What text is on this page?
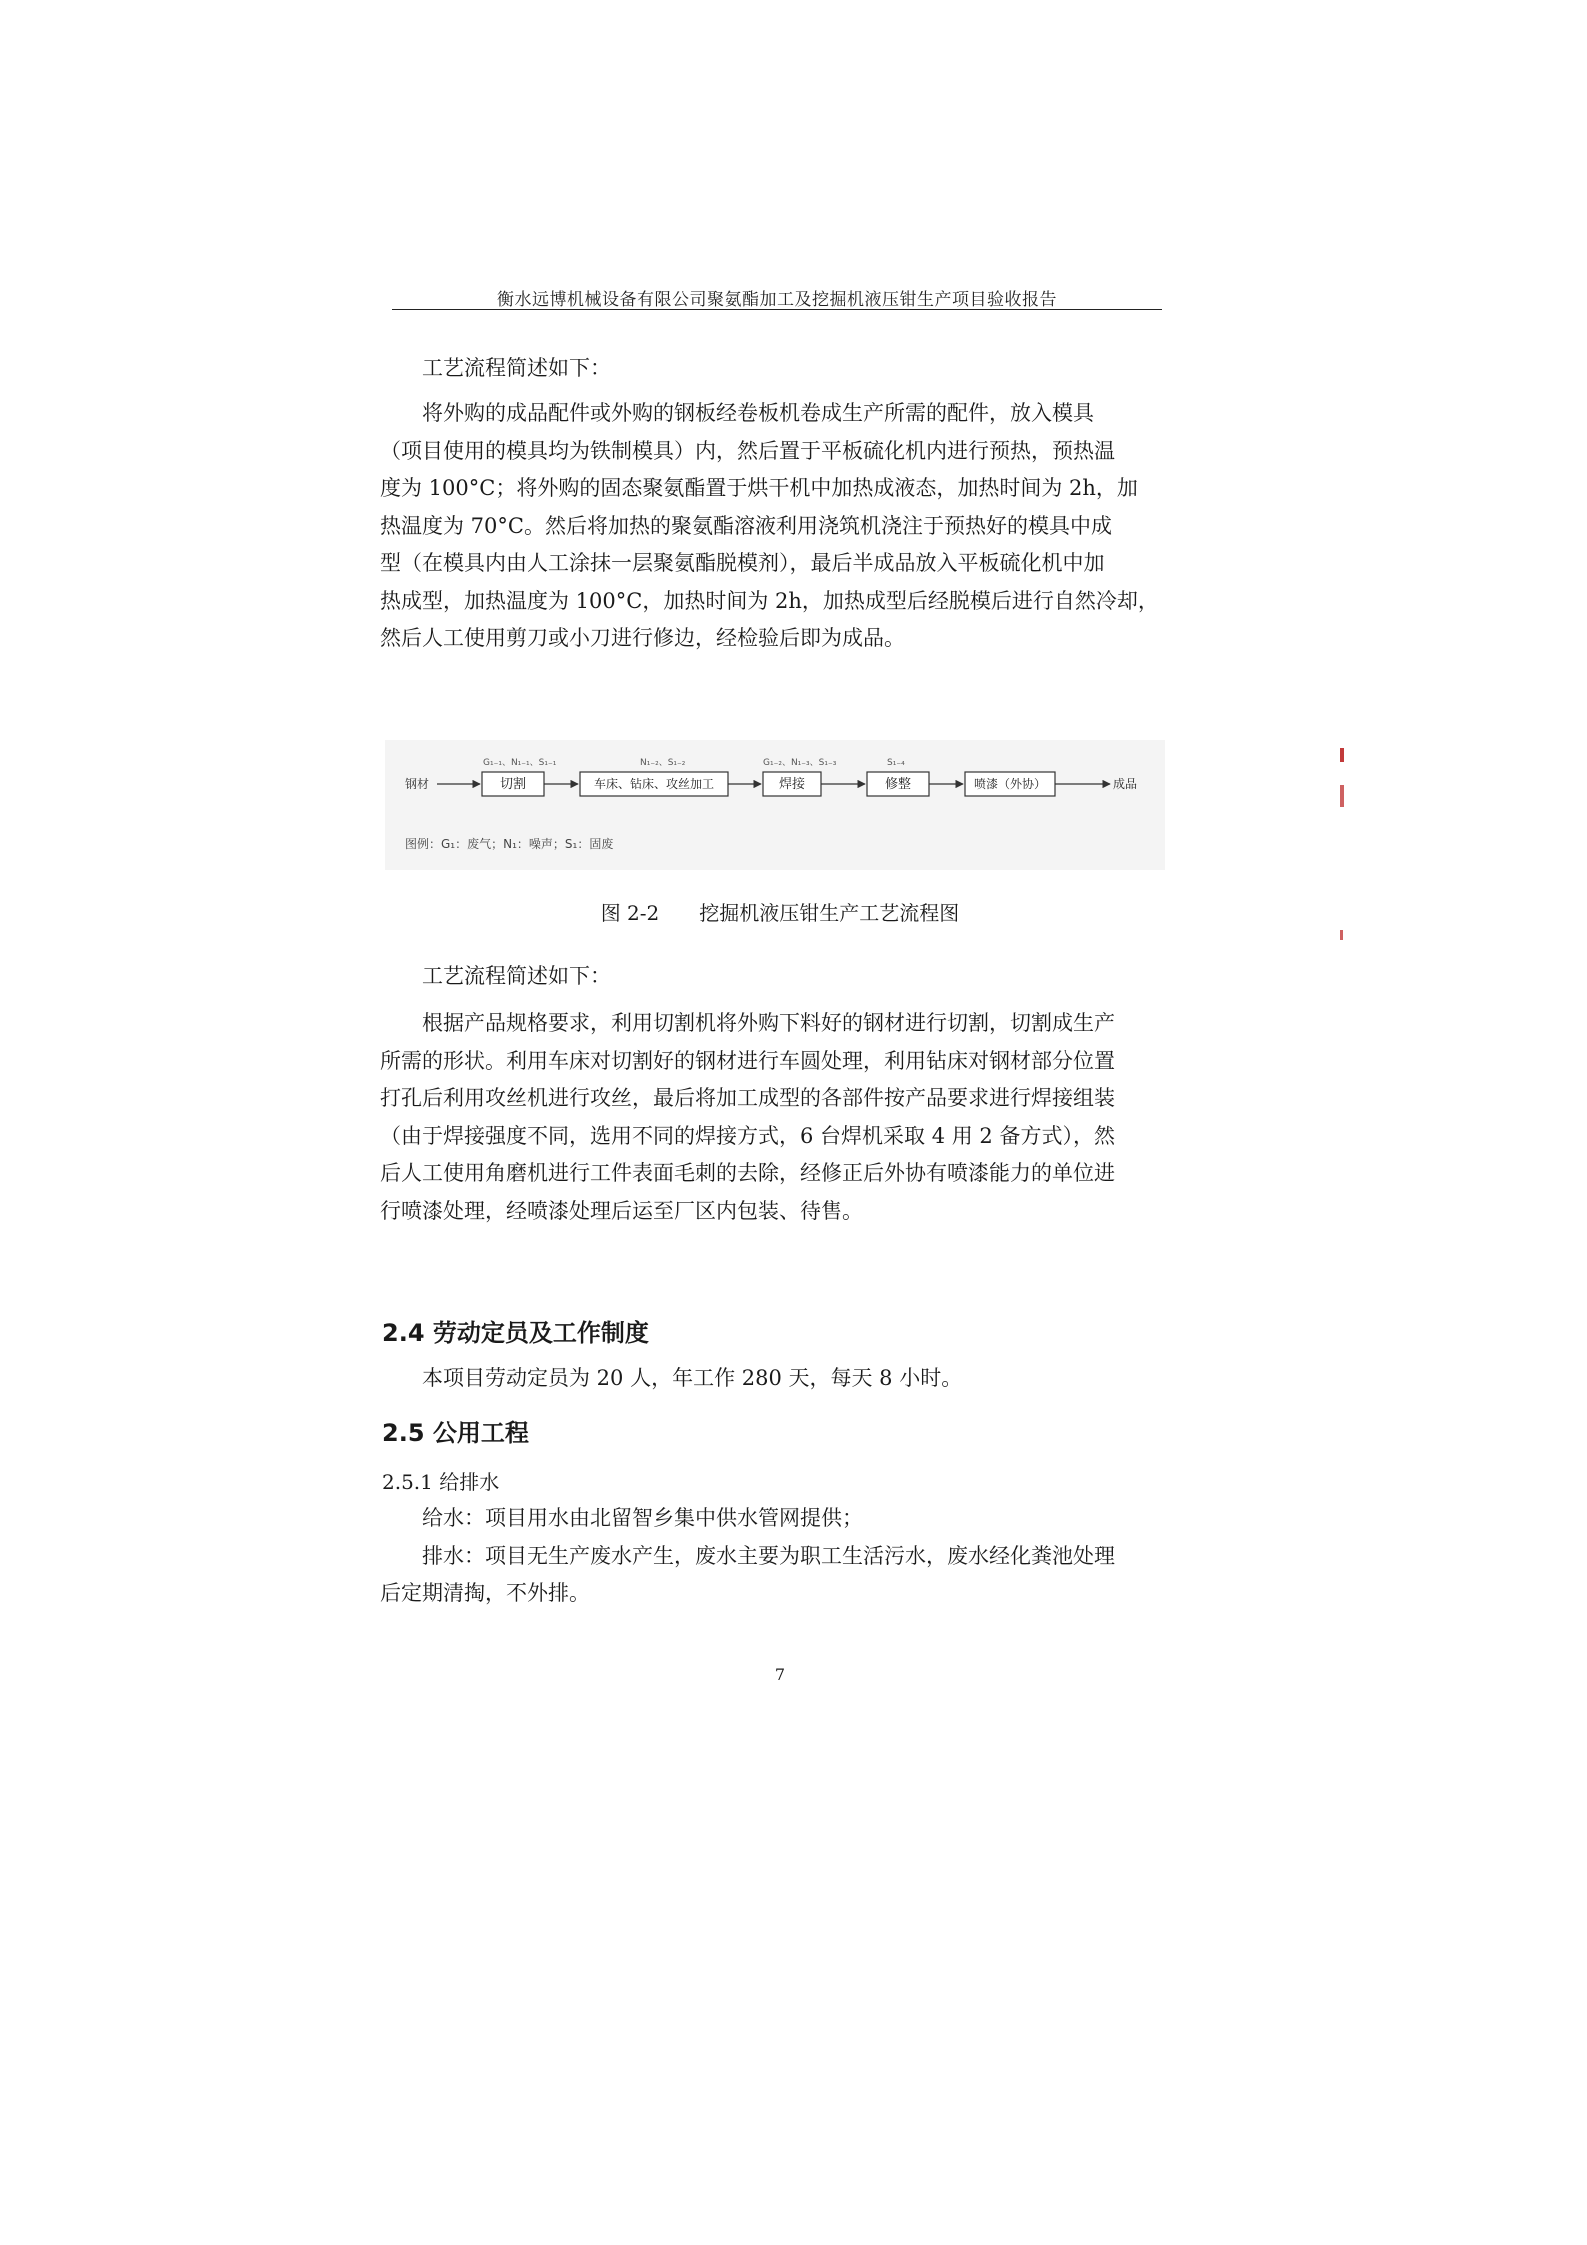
衡水远博机械设备有限公司聚氨酯加工及挖掘机液压钳生产项目验收报告
工艺流程简述如下：
将外购的成品配件或外购的钢板经卷板机卷成生产所需的配件，放入模具
（项目使用的模具均为铁制模具）内，然后置于平板硫化机内进行预热，预热温
度为 100°C；将外购的固态聚氨酯置于烘干机中加热成液态，加热时间为 2h，加
热温度为 70°C。然后将加热的聚氨酯溶液利用浇筑机浇注于预热好的模具中成
型（在模具内由人工涂抹一层聚氨酯脱模剂），最后半成品放入平板硫化机中加
热成型，加热温度为 100°C，加热时间为 2h，加热成型后经脱模后进行自然冷却，
然后人工使用剪刀或小刀进行修边，经检验后即为成品。
钢材
G₁₋₁、N₁₋₁、S₁₋₁
切割
N₁₋₂、S₁₋₂
车床、钻床、攻丝加工
G₁₋₂、N₁₋₃、S₁₋₃
焊接
S₁₋₄
修整	喷漆（外协）	成品
图例：G₁：废气；N₁：噪声；S₁：固废
图 2-2　　挖掘机液压钳生产工艺流程图
工艺流程简述如下：
根据产品规格要求，利用切割机将外购下料好的钢材进行切割，切割成生产
所需的形状。利用车床对切割好的钢材进行车圆处理，利用钻床对钢材部分位置
打孔后利用攻丝机进行攻丝，最后将加工成型的各部件按产品要求进行焊接组装
（由于焊接强度不同，选用不同的焊接方式，6 台焊机采取 4 用 2 备方式），然
后人工使用角磨机进行工件表面毛刺的去除，经修正后外协有喷漆能力的单位进
行喷漆处理，经喷漆处理后运至厂区内包装、待售。
2.4 劳动定员及工作制度
本项目劳动定员为 20 人，年工作 280 天，每天 8 小时。
2.5 公用工程
2.5.1 给排水
给水：项目用水由北留智乡集中供水管网提供；
排水：项目无生产废水产生，废水主要为职工生活污水，废水经化粪池处理
后定期清掏，不外排。
7
